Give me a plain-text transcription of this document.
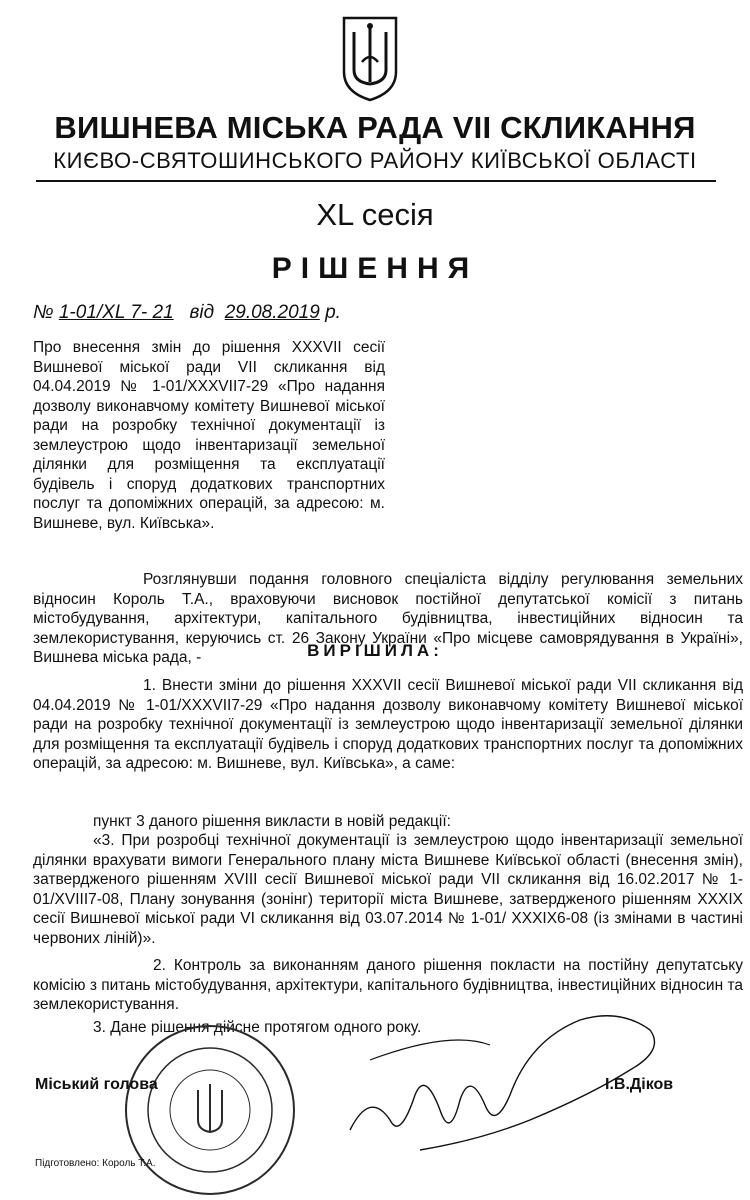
ВИШНЕВА МІСЬКА РАДА VII СКЛИКАННЯ
КИЄВО-СВЯТОШИНСЬКОГО РАЙОНУ КИЇВСЬКОЇ ОБЛАСТІ
XL сесія
РІШЕННЯ
№ 1-01/XL 7- 21 від 29.08.2019 р.
Про внесення змін до рішення XXXVII сесії Вишневої міської ради VII скликання від 04.04.2019 № 1-01/XXXVII7-29 «Про надання дозволу виконавчому комітету Вишневої міської ради на розробку технічної документації із землеустрою щодо інвентаризації земельної ділянки для розміщення та експлуатації будівель і споруд додаткових транспортних послуг та допоміжних операцій, за адресою: м. Вишневе, вул. Київська».
Розглянувши подання головного спеціаліста відділу регулювання земельних відносин Король Т.А., враховуючи висновок постійної депутатської комісії з питань містобудування, архітектури, капітального будівництва, інвестиційних відносин та землекористування, керуючись ст. 26 Закону України «Про місцеве самоврядування в Україні», Вишнева міська рада, -	ВИРІШИЛА:
1. Внести зміни до рішення XXXVII сесії Вишневої міської ради VII скликання від 04.04.2019 № 1-01/XXXVII7-29 «Про надання дозволу виконавчому комітету Вишневої міської ради на розробку технічної документації із землеустрою щодо інвентаризації земельної ділянки для розміщення та експлуатації будівель і споруд додаткових транспортних послуг та допоміжних операцій, за адресою: м. Вишневе, вул. Київська», а саме:
пункт 3 даного рішення викласти в новій редакції:
«3. При розробці технічної документації із землеустрою щодо інвентаризації земельної ділянки врахувати вимоги Генерального плану міста Вишневе Київської області (внесення змін), затвердженого рішенням XVIII сесії Вишневої міської ради VII скликання від 16.02.2017 № 1-01/XVIII7-08, Плану зонування (зонінг) території міста Вишневе, затвердженого рішенням XXXIX сесії Вишневої міської ради VI скликання від 03.07.2014 № 1-01/ XXXIX6-08 (із змінами в частині червоних ліній)».
2. Контроль за виконанням даного рішення покласти на постійну депутатську комісію з питань містобудування, архітектури, капітального будівництва, інвестиційних відносин та землекористування.
3. Дане рішення дійсне протягом одного року.
Міський голова	І.В.Діков
Підготовлено: Король Т.А.
